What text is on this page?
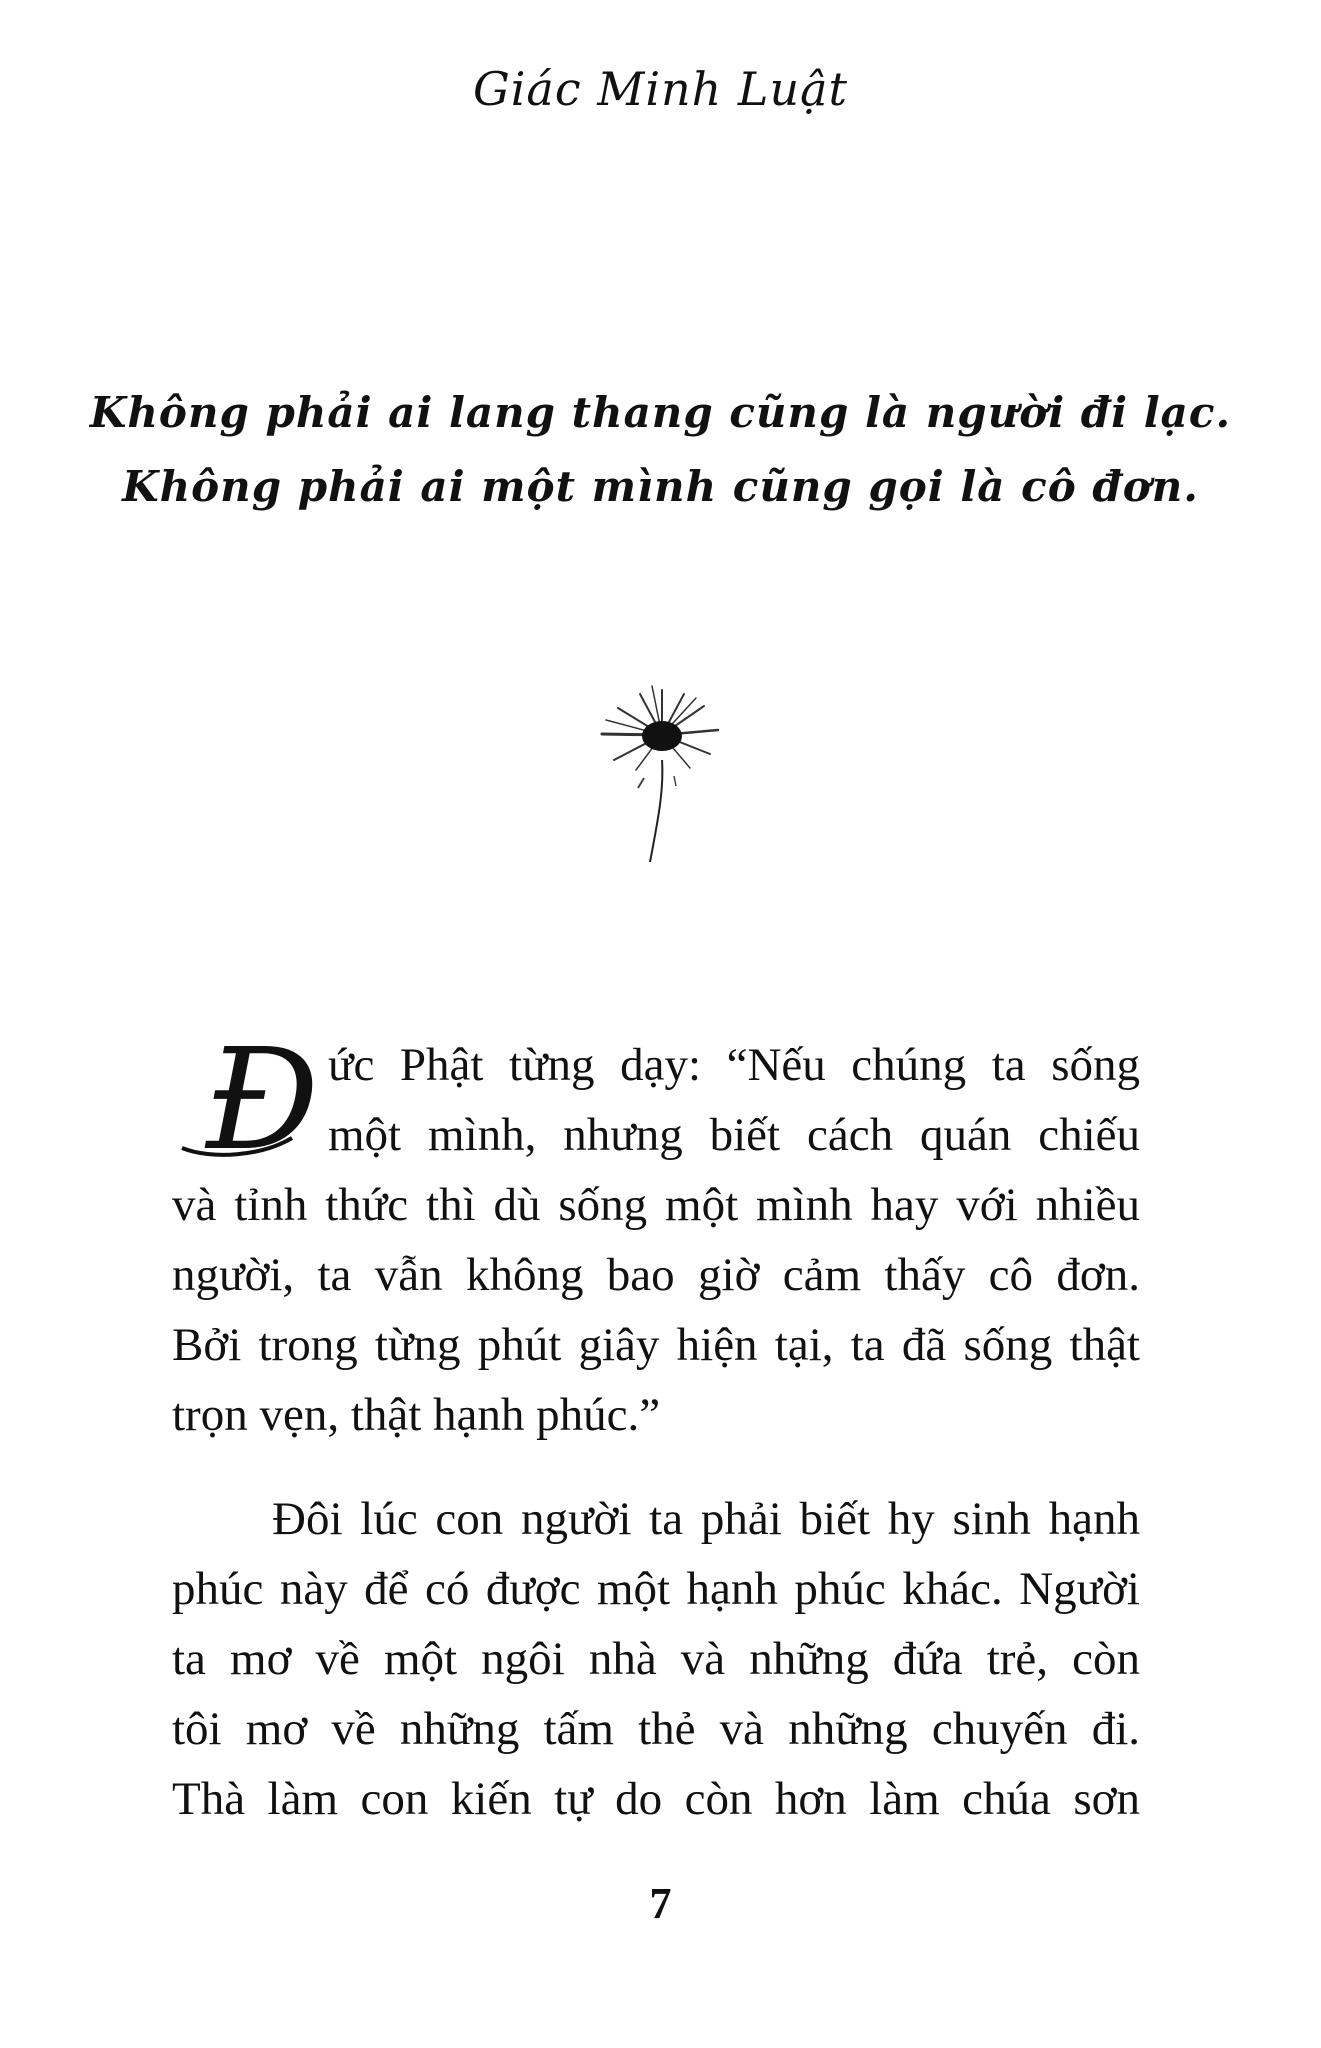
Giác Minh Luật
Không phải ai lang thang cũng là người đi lạc.
Không phải ai một mình cũng gọi là cô đơn.
Đ ức Phật từng dạy: “Nếu chúng ta sống
một mình, nhưng biết cách quán chiếu
và tỉnh thức thì dù sống một mình hay với nhiều
người, ta vẫn không bao giờ cảm thấy cô đơn.
Bởi trong từng phút giây hiện tại, ta đã sống thật
trọn vẹn, thật hạnh phúc.”
Đôi lúc con người ta phải biết hy sinh hạnh
phúc này để có được một hạnh phúc khác. Người
ta mơ về một ngôi nhà và những đứa trẻ, còn
tôi mơ về những tấm thẻ và những chuyến đi.
Thà làm con kiến tự do còn hơn làm chúa sơn
7
